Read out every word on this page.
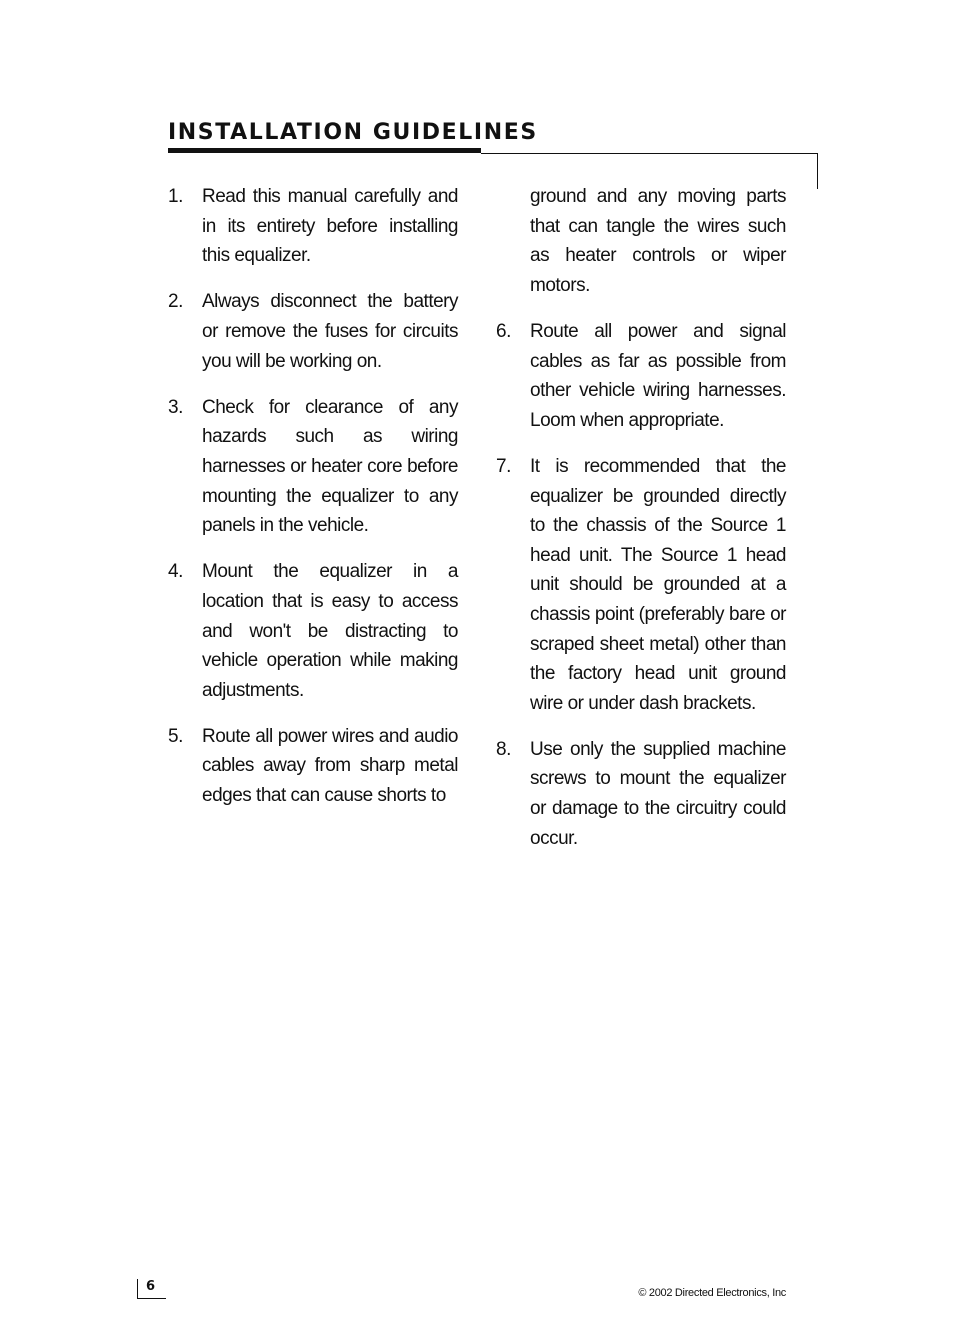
INSTALLATION GUIDELINES
1. Read this manual carefully and in its entirety before installing this equalizer.
2. Always disconnect the battery or remove the fuses for circuits you will be working on.
3. Check for clearance of any hazards such as wiring harnesses or heater core before mounting the equalizer to any panels in the vehicle.
4. Mount the equalizer in a location that is easy to access and won't be distracting to vehicle operation while making adjustments.
5. Route all power wires and audio cables away from sharp metal edges that can cause shorts to
ground and any moving parts that can tangle the wires such as heater controls or wiper motors.
6. Route all power and signal cables as far as possible from other vehicle wiring harnesses. Loom when appropriate.
7. It is recommended that the equalizer be grounded directly to the chassis of the Source 1 head unit. The Source 1 head unit should be grounded at a chassis point (preferably bare or scraped sheet metal) other than the factory head unit ground wire or under dash brackets.
8. Use only the supplied machine screws to mount the equalizer or damage to the circuitry could occur.
6	© 2002 Directed Electronics, Inc
